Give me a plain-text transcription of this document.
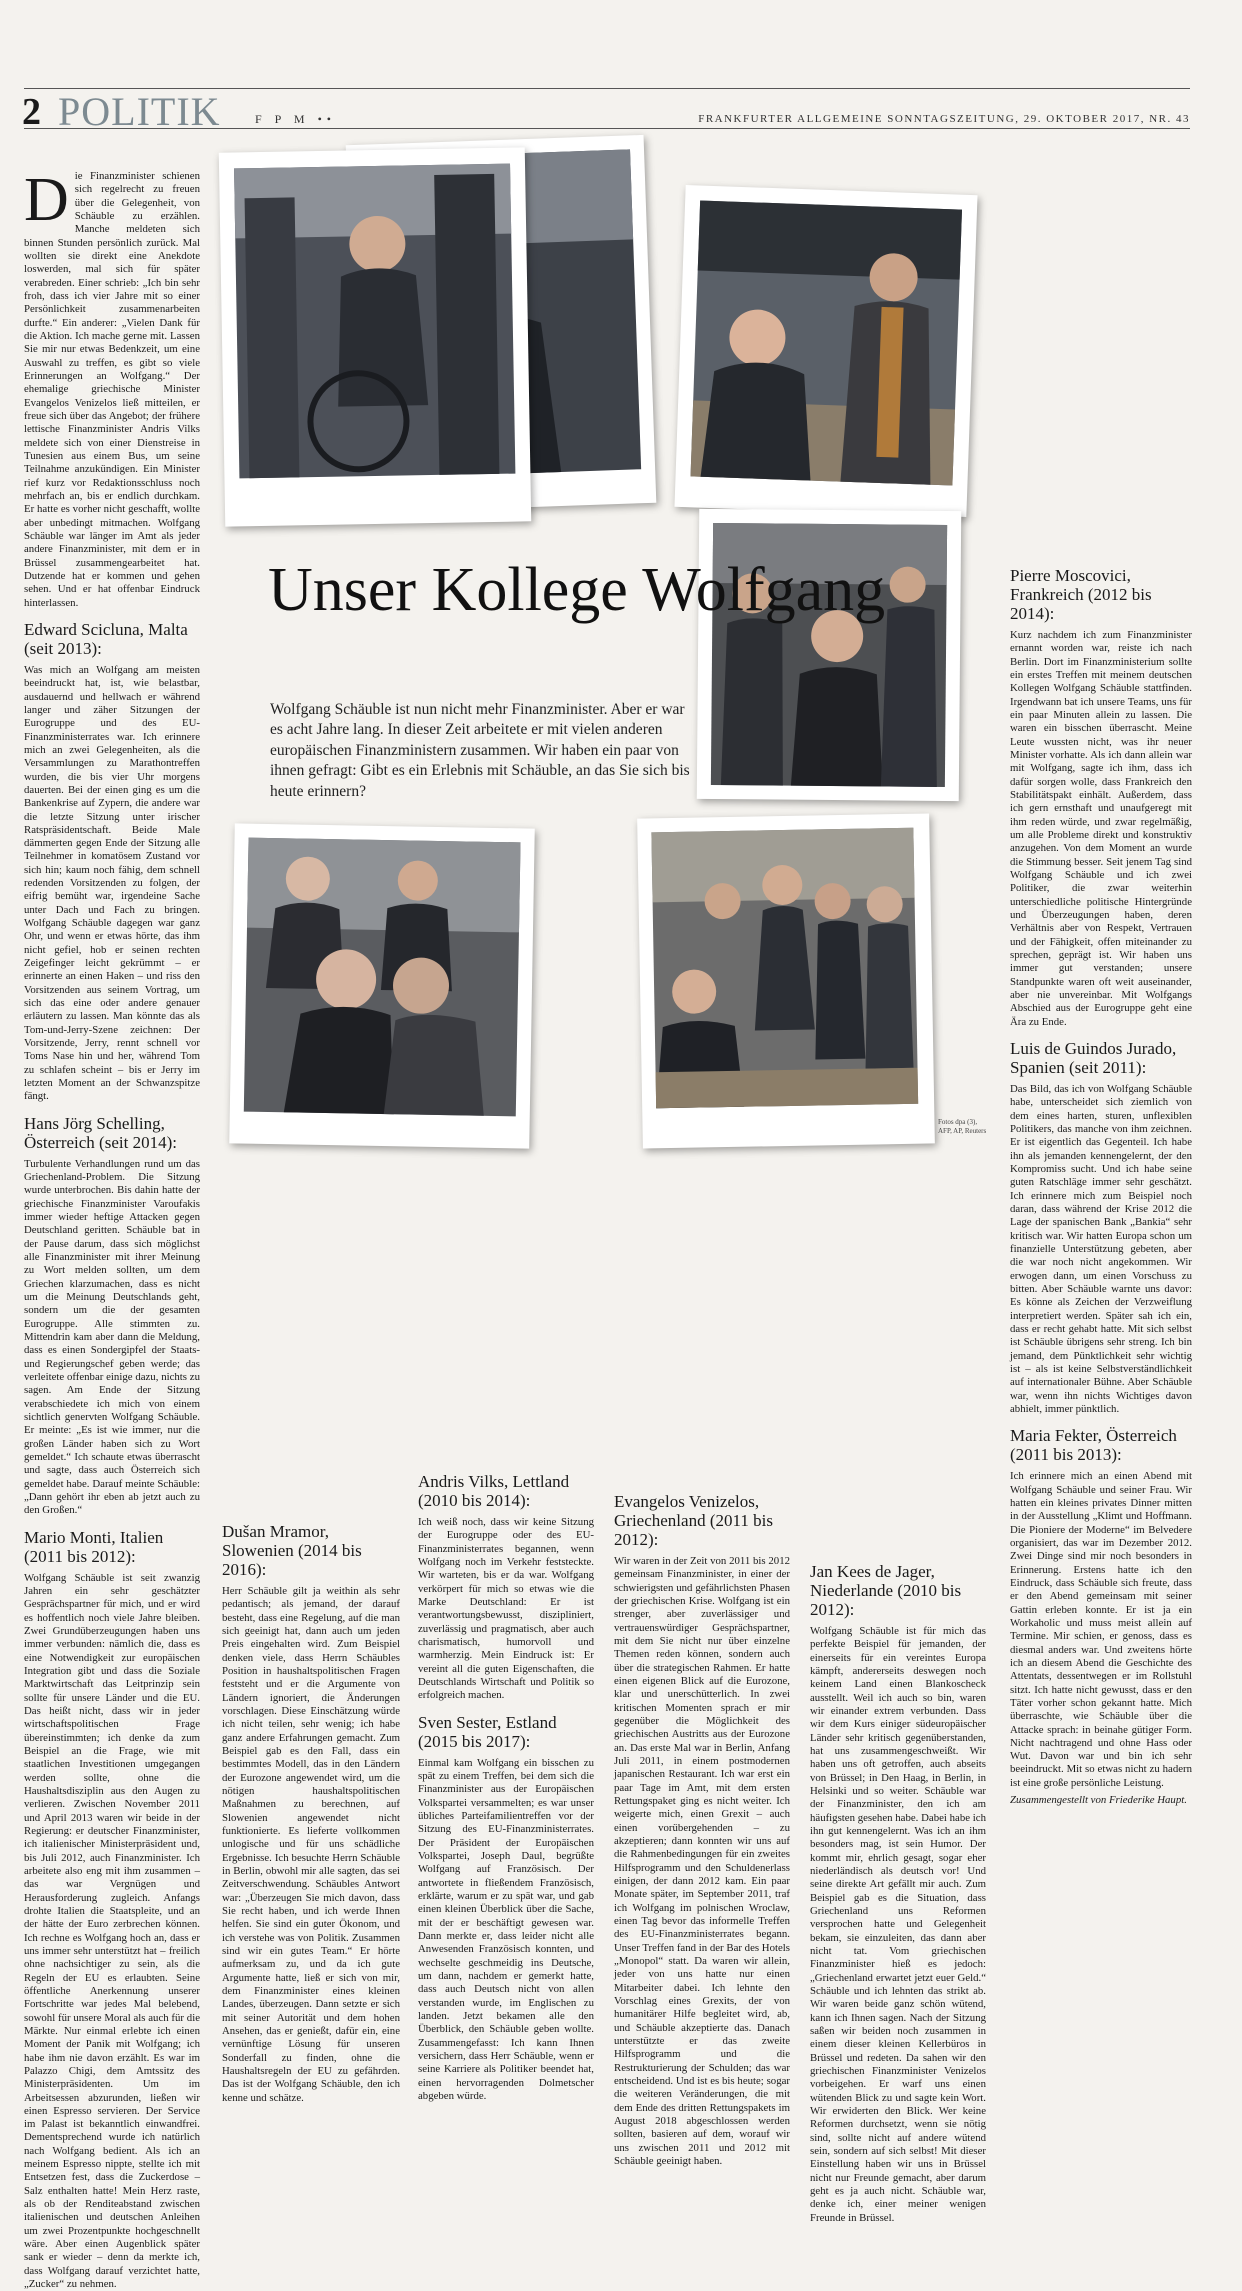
2 POLITIK	F P M ••	FRANKFURTER ALLGEMEINE SONNTAGSZEITUNG, 29. OKTOBER 2017, NR. 43

Die Finanzminister schienen sich regelrecht zu freuen über die Gelegenheit, von Schäuble zu erzählen. Manche meldeten sich binnen Stunden persönlich zurück. Mal wollten sie direkt eine Anekdote loswerden, mal sich für später verabreden. Einer schrieb: „Ich bin sehr froh, dass ich vier Jahre mit so einer Persönlichkeit zusammenarbeiten durfte.“ Ein anderer: „Vielen Dank für die Aktion. Ich mache gerne mit. Lassen Sie mir nur etwas Bedenkzeit, um eine Auswahl zu treffen, es gibt so viele Erinnerungen an Wolfgang.“ Der ehemalige griechische Minister Evangelos Venizelos ließ mitteilen, er freue sich über das Angebot; der frühere lettische Finanzminister Andris Vilks meldete sich von einer Dienstreise in Tunesien aus einem Bus, um seine Teilnahme anzukündigen. Ein Minister rief kurz vor Redaktionsschluss noch mehrfach an, bis er endlich durchkam. Er hatte es vorher nicht geschafft, wollte aber unbedingt mitmachen. Wolfgang Schäuble war länger im Amt als jeder andere Finanzminister, mit dem er in Brüssel zusammengearbeitet hat. Dutzende hat er kommen und gehen sehen. Und er hat offenbar Eindruck hinterlassen.

Edward Scicluna, Malta (seit 2013):

Was mich an Wolfgang am meisten beeindruckt hat, ist, wie belastbar, ausdauernd und hellwach er während langer und zäher Sitzungen der Eurogruppe und des EU-Finanzministerrates war. Ich erinnere mich an zwei Gelegenheiten, als die Versammlungen zu Marathontreffen wurden, die bis vier Uhr morgens dauerten. Bei der einen ging es um die Bankenkrise auf Zypern, die andere war die letzte Sitzung unter irischer Ratspräsidentschaft. Beide Male dämmerten gegen Ende der Sitzung alle Teilnehmer in komatösem Zustand vor sich hin; kaum noch fähig, dem schnell redenden Vorsitzenden zu folgen, der eifrig bemüht war, irgendeine Sache unter Dach und Fach zu bringen. Wolfgang Schäuble dagegen war ganz Ohr, und wenn er etwas hörte, das ihm nicht gefiel, hob er seinen rechten Zeigefinger leicht gekrümmt – er erinnerte an einen Haken – und riss den Vorsitzenden aus seinem Vortrag, um sich das eine oder andere genauer erläutern zu lassen. Man könnte das als Tom-und-Jerry-Szene zeichnen: Der Vorsitzende, Jerry, rennt schnell vor Toms Nase hin und her, während Tom zu schlafen scheint – bis er Jerry im letzten Moment an der Schwanzspitze fängt.

Hans Jörg Schelling, Österreich (seit 2014):

Turbulente Verhandlungen rund um das Griechenland-Problem. Die Sitzung wurde unterbrochen. Bis dahin hatte der griechische Finanzminister Varoufakis immer wieder heftige Attacken gegen Deutschland geritten. Schäuble bat in der Pause darum, dass sich möglichst alle Finanzminister mit ihrer Meinung zu Wort melden sollten, um dem Griechen klarzumachen, dass es nicht um die Meinung Deutschlands geht, sondern um die der gesamten Eurogruppe. Alle stimmten zu. Mittendrin kam aber dann die Meldung, dass es einen Sondergipfel der Staats- und Regierungschef geben werde; das verleitete offenbar einige dazu, nichts zu sagen. Am Ende der Sitzung verabschiedete ich mich von einem sichtlich genervten Wolfgang Schäuble. Er meinte: „Es ist wie immer, nur die großen Länder haben sich zu Wort gemeldet.“ Ich schaute etwas überrascht und sagte, dass auch Österreich sich gemeldet habe. Darauf meinte Schäuble: „Dann gehört ihr eben ab jetzt auch zu den Großen.“

Mario Monti, Italien (2011 bis 2012):

Wolfgang Schäuble ist seit zwanzig Jahren ein sehr geschätzter Gesprächspartner für mich, und er wird es hoffentlich noch viele Jahre bleiben. Zwei Grundüberzeugungen haben uns immer verbunden: nämlich die, dass es eine Notwendigkeit zur europäischen Integration gibt und dass die Soziale Marktwirtschaft das Leitprinzip sein sollte für unsere Länder und die EU. Das heißt nicht, dass wir in jeder wirtschaftspolitischen Frage übereinstimmten; ich denke da zum Beispiel an die Frage, wie mit staatlichen Investitionen umgegangen werden sollte, ohne die Haushaltsdisziplin aus den Augen zu verlieren. Zwischen November 2011 und April 2013 waren wir beide in der Regierung: er deutscher Finanzminister, ich italienischer Ministerpräsident und, bis Juli 2012, auch Finanzminister. Ich arbeitete also eng mit ihm zusammen – das war Vergnügen und Herausforderung zugleich. Anfangs drohte Italien die Staatspleite, und an der hätte der Euro zerbrechen können. Ich rechne es Wolfgang hoch an, dass er uns immer sehr unterstützt hat – freilich ohne nachsichtiger zu sein, als die Regeln der EU es erlaubten. Seine öffentliche Anerkennung unserer Fortschritte war jedes Mal belebend, sowohl für unsere Moral als auch für die Märkte. Nur einmal erlebte ich einen Moment der Panik mit Wolfgang; ich habe ihm nie davon erzählt. Es war im Palazzo Chigi, dem Amtssitz des Ministerpräsidenten. Um im Arbeitsessen abzurunden, ließen wir einen Espresso servieren. Der Service im Palast ist bekanntlich einwandfrei. Dementsprechend wurde ich natürlich nach Wolfgang bedient. Als ich an meinem Espresso nippte, stellte ich mit Entsetzen fest, dass die Zuckerdose – Salz enthalten hatte! Mein Herz raste, als ob der Renditeabstand zwischen italienischen und deutschen Anleihen um zwei Prozentpunkte hochgeschnellt wäre. Aber einen Augenblick später sank er wieder – denn da merkte ich, dass Wolfgang darauf verzichtet hatte, „Zucker“ zu nehmen.

Dušan Mramor, Slowenien (2014 bis 2016):

Herr Schäuble gilt ja weithin als sehr pedantisch; als jemand, der darauf besteht, dass eine Regelung, auf die man sich geeinigt hat, dann auch um jeden Preis eingehalten wird. Zum Beispiel denken viele, dass Herrn Schäubles Position in haushaltspolitischen Fragen feststeht und er die Argumente von Ländern ignoriert, die Änderungen vorschlagen. Diese Einschätzung würde ich nicht teilen, sehr wenig; ich habe ganz andere Erfahrungen gemacht. Zum Beispiel gab es den Fall, dass ein bestimmtes Modell, das in den Ländern der Eurozone angewendet wird, um die nötigen haushaltspolitischen Maßnahmen zu berechnen, auf Slowenien angewendet nicht funktionierte. Es lieferte vollkommen unlogische und für uns schädliche Ergebnisse. Ich besuchte Herrn Schäuble in Berlin, obwohl mir alle sagten, das sei Zeitverschwendung. Schäubles Antwort war: „Überzeugen Sie mich davon, dass Sie recht haben, und ich werde Ihnen helfen. Sie sind ein guter Ökonom, und ich verstehe was von Politik. Zusammen sind wir ein gutes Team.“ Er hörte aufmerksam zu, und da ich gute Argumente hatte, ließ er sich von mir, dem Finanzminister eines kleinen Landes, überzeugen. Dann setzte er sich mit seiner Autorität und dem hohen Ansehen, das er genießt, dafür ein, eine vernünftige Lösung für unseren Sonderfall zu finden, ohne die Haushaltsregeln der EU zu gefährden. Das ist der Wolfgang Schäuble, den ich kenne und schätze.

Andris Vilks, Lettland (2010 bis 2014):

Ich weiß noch, dass wir keine Sitzung der Eurogruppe oder des EU-Finanzministerrates begannen, wenn Wolfgang noch im Verkehr feststeckte. Wir warteten, bis er da war. Wolfgang verkörpert für mich so etwas wie die Marke Deutschland: Er ist verantwortungsbewusst, diszipliniert, zuverlässig und pragmatisch, aber auch charismatisch, humorvoll und warmherzig. Mein Eindruck ist: Er vereint all die guten Eigenschaften, die Deutschlands Wirtschaft und Politik so erfolgreich machen.

Sven Sester, Estland (2015 bis 2017):

Einmal kam Wolfgang ein bisschen zu spät zu einem Treffen, bei dem sich die Finanzminister aus der Europäischen Volkspartei versammelten; es war unser übliches Parteifamilientreffen vor der Sitzung des EU-Finanzministerrates. Der Präsident der Europäischen Volkspartei, Joseph Daul, begrüßte Wolfgang auf Französisch. Der antwortete in fließendem Französisch, erklärte, warum er zu spät war, und gab einen kleinen Überblick über die Sache, mit der er beschäftigt gewesen war. Dann merkte er, dass leider nicht alle Anwesenden Französisch konnten, und wechselte geschmeidig ins Deutsche, um dann, nachdem er gemerkt hatte, dass auch Deutsch nicht von allen verstanden wurde, im Englischen zu landen. Jetzt bekamen alle den Überblick, den Schäuble geben wollte. Zusammengefasst: Ich kann Ihnen versichern, dass Herr Schäuble, wenn er seine Karriere als Politiker beendet hat, einen hervorragenden Dolmetscher abgeben würde.

Evangelos Venizelos, Griechenland (2011 bis 2012):

Wir waren in der Zeit von 2011 bis 2012 gemeinsam Finanzminister, in einer der schwierigsten und gefährlichsten Phasen der griechischen Krise. Wolfgang ist ein strenger, aber zuverlässiger und vertrauenswürdiger Gesprächspartner, mit dem Sie nicht nur über einzelne Themen reden können, sondern auch über die strategischen Rahmen. Er hatte einen eigenen Blick auf die Eurozone, klar und unerschütterlich. In zwei kritischen Momenten sprach er mir gegenüber die Möglichkeit des griechischen Austritts aus der Eurozone an. Das erste Mal war in Berlin, Anfang Juli 2011, in einem postmodernen japanischen Restaurant. Ich war erst ein paar Tage im Amt, mit dem ersten Rettungspaket ging es nicht weiter. Ich weigerte mich, einen Grexit – auch einen vorübergehenden – zu akzeptieren; dann konnten wir uns auf die Rahmenbedingungen für ein zweites Hilfsprogramm und den Schuldenerlass einigen, der dann 2012 kam. Ein paar Monate später, im September 2011, traf ich Wolfgang im polnischen Wroclaw, einen Tag bevor das informelle Treffen des EU-Finanzministerrates begann. Unser Treffen fand in der Bar des Hotels „Monopol“ statt. Da waren wir allein, jeder von uns hatte nur einen Mitarbeiter dabei. Ich lehnte den Vorschlag eines Grexits, der von humanitärer Hilfe begleitet wird, ab, und Schäuble akzeptierte das. Danach unterstützte er das zweite Hilfsprogramm und die Restrukturierung der Schulden; das war entscheidend. Und ist es bis heute; sogar die weiteren Veränderungen, die mit dem Ende des dritten Rettungspakets im August 2018 abgeschlossen werden sollten, basieren auf dem, worauf wir uns zwischen 2011 und 2012 mit Schäuble geeinigt haben.

Jan Kees de Jager, Niederlande (2010 bis 2012):

Wolfgang Schäuble ist für mich das perfekte Beispiel für jemanden, der einerseits für ein vereintes Europa kämpft, andererseits deswegen noch keinem Land einen Blankoscheck ausstellt. Weil ich auch so bin, waren wir einander extrem verbunden. Dass wir dem Kurs einiger südeuropäischer Länder sehr kritisch gegenüberstanden, hat uns zusammengeschweißt. Wir haben uns oft getroffen, auch abseits von Brüssel; in Den Haag, in Berlin, in Helsinki und so weiter. Schäuble war der Finanzminister, den ich am häufigsten gesehen habe. Dabei habe ich ihn gut kennengelernt. Was ich an ihm besonders mag, ist sein Humor. Der kommt mir, ehrlich gesagt, sogar eher niederländisch als deutsch vor! Und seine direkte Art gefällt mir auch. Zum Beispiel gab es die Situation, dass Griechenland uns Reformen versprochen hatte und Gelegenheit bekam, sie einzuleiten, das dann aber nicht tat. Vom griechischen Finanzminister hieß es jedoch: „Griechenland erwartet jetzt euer Geld.“ Schäuble und ich lehnten das strikt ab. Wir waren beide ganz schön wütend, kann ich Ihnen sagen. Nach der Sitzung saßen wir beiden noch zusammen in einem dieser kleinen Kellerbüros in Brüssel und redeten. Da sahen wir den griechischen Finanzminister Venizelos vorbeigehen. Er warf uns einen wütenden Blick zu und sagte kein Wort. Wir erwiderten den Blick. Wer keine Reformen durchsetzt, wenn sie nötig sind, sollte nicht auf andere wütend sein, sondern auf sich selbst! Mit dieser Einstellung haben wir uns in Brüssel nicht nur Freunde gemacht, aber darum geht es ja auch nicht. Schäuble war, denke ich, einer meiner wenigen Freunde in Brüssel.

Pierre Moscovici, Frankreich (2012 bis 2014):

Kurz nachdem ich zum Finanzminister ernannt worden war, reiste ich nach Berlin. Dort im Finanzministerium sollte ein erstes Treffen mit meinem deutschen Kollegen Wolfgang Schäuble stattfinden. Irgendwann bat ich unsere Teams, uns für ein paar Minuten allein zu lassen. Die waren ein bisschen überrascht. Meine Leute wussten nicht, was ihr neuer Minister vorhatte. Als ich dann allein war mit Wolfgang, sagte ich ihm, dass ich dafür sorgen wolle, dass Frankreich den Stabilitätspakt einhält. Außerdem, dass ich gern ernsthaft und unaufgeregt mit ihm reden würde, und zwar regelmäßig, um alle Probleme direkt und konstruktiv anzugehen. Von dem Moment an wurde die Stimmung besser. Seit jenem Tag sind Wolfgang Schäuble und ich zwei Politiker, die zwar weiterhin unterschiedliche politische Hintergründe und Überzeugungen haben, deren Verhältnis aber von Respekt, Vertrauen und der Fähigkeit, offen miteinander zu sprechen, geprägt ist. Wir haben uns immer gut verstanden; unsere Standpunkte waren oft weit auseinander, aber nie unvereinbar. Mit Wolfgangs Abschied aus der Eurogruppe geht eine Ära zu Ende.

Luis de Guindos Jurado, Spanien (seit 2011):

Das Bild, das ich von Wolfgang Schäuble habe, unterscheidet sich ziemlich von dem eines harten, sturen, unflexiblen Politikers, das manche von ihm zeichnen. Er ist eigentlich das Gegenteil. Ich habe ihn als jemanden kennengelernt, der den Kompromiss sucht. Und ich habe seine guten Ratschläge immer sehr geschätzt. Ich erinnere mich zum Beispiel noch daran, dass während der Krise 2012 die Lage der spanischen Bank „Bankia“ sehr kritisch war. Wir hatten Europa schon um finanzielle Unterstützung gebeten, aber die war noch nicht angekommen. Wir erwogen dann, um einen Vorschuss zu bitten. Aber Schäuble warnte uns davor: Es könne als Zeichen der Verzweiflung interpretiert werden. Später sah ich ein, dass er recht gehabt hatte. Mit sich selbst ist Schäuble übrigens sehr streng. Ich bin jemand, dem Pünktlichkeit sehr wichtig ist – als ist keine Selbstverständlichkeit auf internationaler Bühne. Aber Schäuble war, wenn ihn nichts Wichtiges davon abhielt, immer pünktlich.

Maria Fekter, Österreich (2011 bis 2013):

Ich erinnere mich an einen Abend mit Wolfgang Schäuble und seiner Frau. Wir hatten ein kleines privates Dinner mitten in der Ausstellung „Klimt und Hoffmann. Die Pioniere der Moderne“ im Belvedere organisiert, das war im Dezember 2012. Zwei Dinge sind mir noch besonders in Erinnerung. Erstens hatte ich den Eindruck, dass Schäuble sich freute, dass er den Abend gemeinsam mit seiner Gattin erleben konnte. Er ist ja ein Workaholic und muss meist allein auf Termine. Mir schien, er genoss, dass es diesmal anders war. Und zweitens hörte ich an diesem Abend die Geschichte des Attentats, dessentwegen er im Rollstuhl sitzt. Ich hatte nicht gewusst, dass er den Täter vorher schon gekannt hatte. Mich überraschte, wie Schäuble über die Attacke sprach: in beinahe gütiger Form. Nicht nachtragend und ohne Hass oder Wut. Davon war und bin ich sehr beeindruckt. Mit so etwas nicht zu hadern ist eine große persönliche Leistung.

Zusammengestellt von Friederike Haupt.

Unser Kollege Wolfgang
Wolfgang Schäuble ist nun nicht mehr Finanzminister. Aber er war es acht Jahre lang. In dieser Zeit arbeitete er mit vielen anderen europäischen Finanzministern zusammen. Wir haben ein paar von ihnen gefragt: Gibt es ein Erlebnis mit Schäuble, an das Sie sich bis heute erinnern?
Fotos dpa (3), AFP, AP, Reuters
